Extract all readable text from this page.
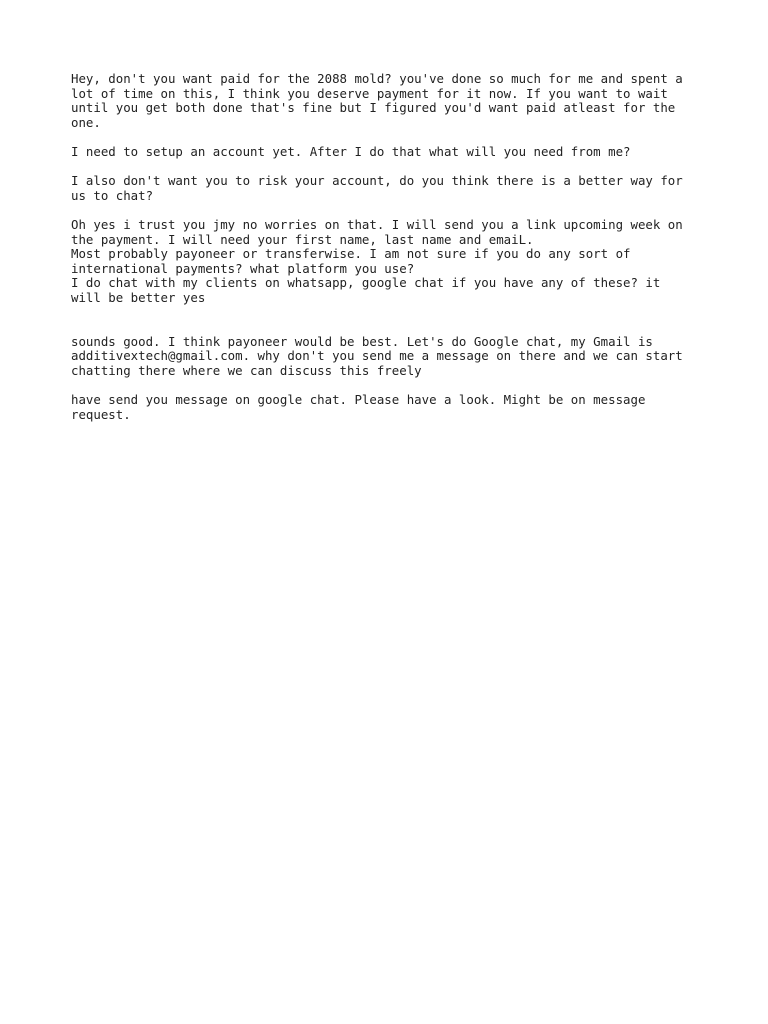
Hey, don't you want paid for the 2088 mold? you've done so much for me and spent a
lot of time on this, I think you deserve payment for it now. If you want to wait
until you get both done that's fine but I figured you'd want paid atleast for the
one.
I need to setup an account yet. After I do that what will you need from me?
I also don't want you to risk your account, do you think there is a better way for
us to chat?
Oh yes i trust you jmy no worries on that. I will send you a link upcoming week on
the payment. I will need your first name, last name and emaiL.
Most probably payoneer or transferwise. I am not sure if you do any sort of
international payments? what platform you use?
I do chat with my clients on whatsapp, google chat if you have any of these? it
will be better yes
sounds good. I think payoneer would be best. Let's do Google chat, my Gmail is
additivextech@gmail.com. why don't you send me a message on there and we can start
chatting there where we can discuss this freely
have send you message on google chat. Please have a look. Might be on message
request.
